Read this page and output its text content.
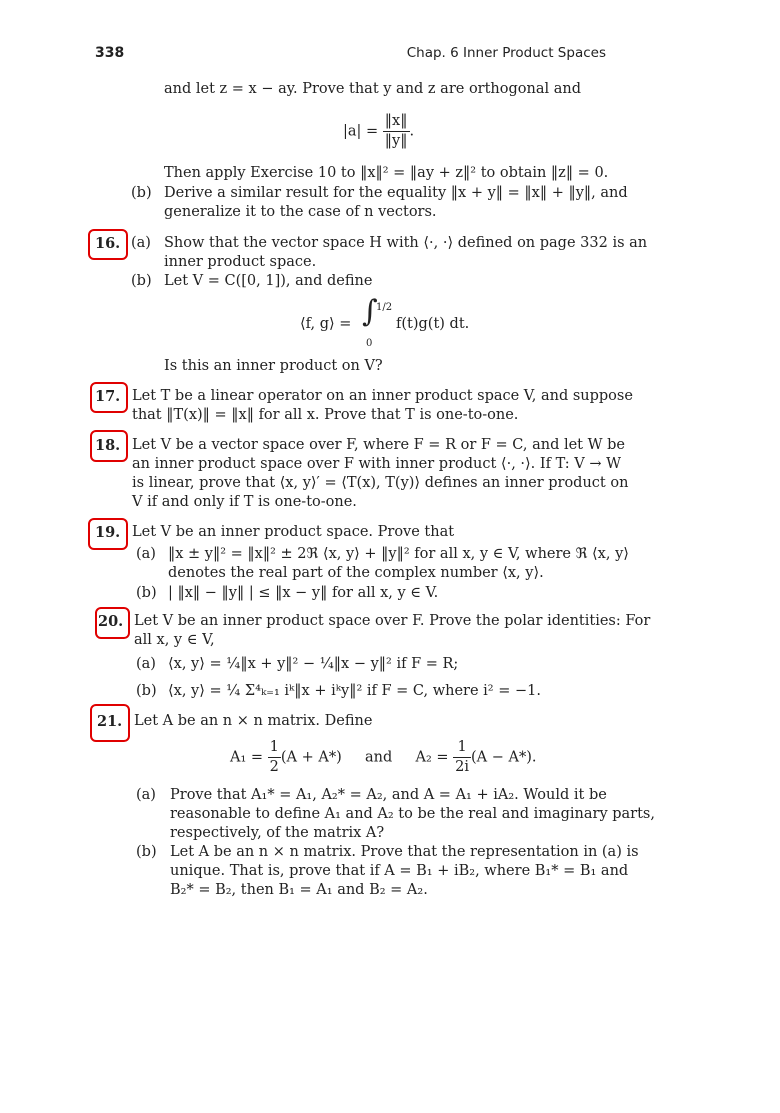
338	Chap. 6 Inner Product Spaces
and let z = x − ay. Prove that y and z are orthogonal and
$|a| = \frac{‖x‖}{‖y‖}$ .
Then apply Exercise 10 to ‖x‖² = ‖ay + z‖² to obtain ‖z‖ = 0.
(b) Derive a similar result for the equality ‖x + y‖ = ‖x‖ + ‖y‖, and
generalize it to the case of n vectors.
16. (a) Show that the vector space H with ⟨·, ·⟩ defined on page 332 is an
inner product space.
(b) Let V = C([0, 1]), and define
⟨f, g⟩ = ∫
1/2
0
f(t)g(t) dt.
Is this an inner product on V?
17. Let T be a linear operator on an inner product space V, and suppose
that ‖T(x)‖ = ‖x‖ for all x. Prove that T is one-to-one.
18. Let V be a vector space over F, where F = R or F = C, and let W be
an inner product space over F with inner product ⟨·, ·⟩. If T: V → W
is linear, prove that ⟨x, y⟩′ = ⟨T(x), T(y)⟩ defines an inner product on
V if and only if T is one-to-one.
19. Let V be an inner product space. Prove that
(a) ‖x ± y‖² = ‖x‖² ± 2ℜ ⟨x, y⟩ + ‖y‖² for all x, y ∈ V, where ℜ ⟨x, y⟩
denotes the real part of the complex number ⟨x, y⟩.
(b) | ‖x‖ − ‖y‖ | ≤ ‖x − y‖ for all x, y ∈ V.
20. Let V be an inner product space over F. Prove the polar identities: For
all x, y ∈ V,
(a) ⟨x, y⟩ = ¼‖x + y‖² − ¼‖x − y‖² if F = R;
(b) ⟨x, y⟩ = ¼ Σ⁴ₖ₌₁ iᵏ‖x + iᵏy‖² if F = C, where i² = −1.
21. Let A be an n × n matrix. Define
$A_1 = \frac{1}{2} (A + A*)$ and $A_2 = \frac{1}{2i} (A - A*)$.
(a) Prove that A₁* = A₁, A₂* = A₂, and A = A₁ + iA₂. Would it be
reasonable to define A₁ and A₂ to be the real and imaginary parts,
respectively, of the matrix A?
(b) Let A be an n × n matrix. Prove that the representation in (a) is
unique. That is, prove that if A = B₁ + iB₂, where B₁* = B₁ and
B₂* = B₂, then B₁ = A₁ and B₂ = A₂.
